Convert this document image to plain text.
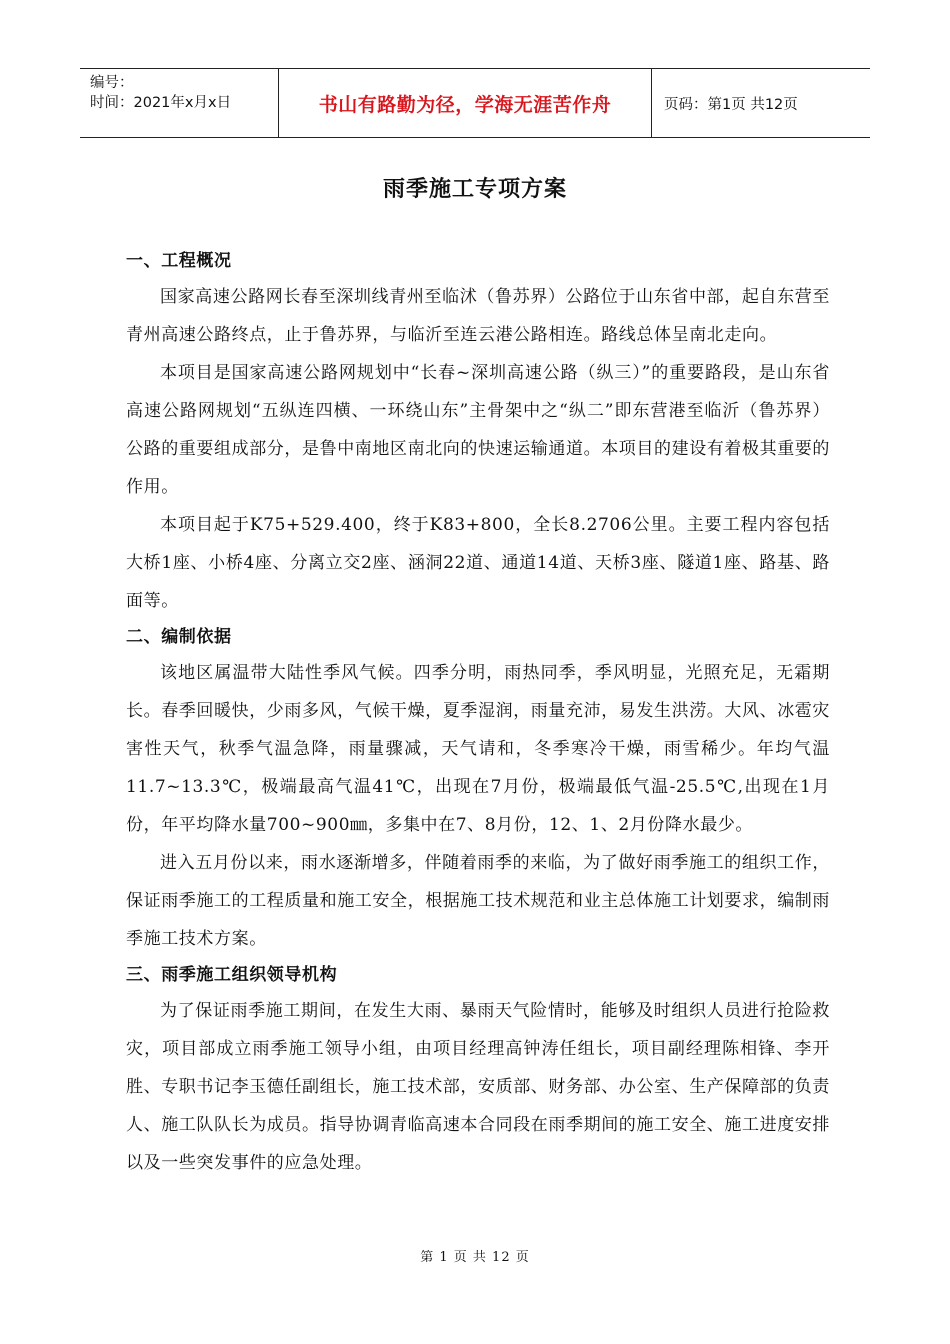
编号：
时间：2021年x月x日	书山有路勤为径，学海无涯苦作舟	页码：第1页 共12页
雨季施工专项方案
一、工程概况

国家高速公路网长春至深圳线青州至临沭（鲁苏界）公路位于山东省中部，起自东营至青州高速公路终点，止于鲁苏界，与临沂至连云港公路相连。路线总体呈南北走向。

本项目是国家高速公路网规划中“长春~深圳高速公路（纵三）”的重要路段，是山东省高速公路网规划“五纵连四横、一环绕山东”主骨架中之“纵二”即东营港至临沂（鲁苏界）公路的重要组成部分，是鲁中南地区南北向的快速运输通道。本项目的建设有着极其重要的作用。

本项目起于K75+529.400，终于K83+800，全长8.2706公里。主要工程内容包括大桥1座、小桥4座、分离立交2座、涵洞22道、通道14道、天桥3座、隧道1座、路基、路面等。

二、编制依据

该地区属温带大陆性季风气候。四季分明，雨热同季，季风明显，光照充足，无霜期长。春季回暖快，少雨多风，气候干燥，夏季湿润，雨量充沛，易发生洪涝。大风、冰雹灾害性天气，秋季气温急降，雨量骤减，天气请和，冬季寒冷干燥，雨雪稀少。年均气温11.7~13.3℃，极端最高气温41℃，出现在7月份，极端最低气温-25.5℃,出现在1月份，年平均降水量700~900㎜，多集中在7、8月份，12、1、2月份降水最少。

进入五月份以来，雨水逐渐增多，伴随着雨季的来临，为了做好雨季施工的组织工作，保证雨季施工的工程质量和施工安全，根据施工技术规范和业主总体施工计划要求，编制雨季施工技术方案。

三、雨季施工组织领导机构

为了保证雨季施工期间，在发生大雨、暴雨天气险情时，能够及时组织人员进行抢险救灾，项目部成立雨季施工领导小组，由项目经理高钟涛任组长，项目副经理陈相锋、李开胜、专职书记李玉德任副组长，施工技术部，安质部、财务部、办公室、生产保障部的负责人、施工队队长为成员。指导协调青临高速本合同段在雨季期间的施工安全、施工进度安排以及一些突发事件的应急处理。

第 1 页 共 12 页
